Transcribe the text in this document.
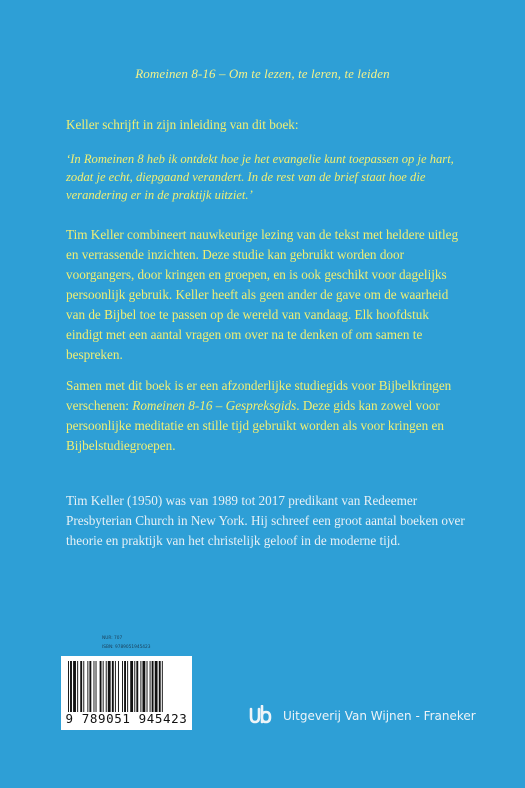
Romeinen 8-16 – Om te lezen, te leren, te leiden
Keller schrijft in zijn inleiding van dit boek:
‘In Romeinen 8 heb ik ontdekt hoe je het evangelie kunt toepassen op je hart, zodat je echt, diepgaand verandert. In de rest van de brief staat hoe die verandering er in de praktijk uitziet.’
Tim Keller combineert nauwkeurige lezing van de tekst met heldere uitleg en verrassende inzichten. Deze studie kan gebruikt worden door voorgangers, door kringen en groepen, en is ook geschikt voor dagelijks persoonlijk gebruik. Keller heeft als geen ander de gave om de waarheid van de Bijbel toe te passen op de wereld van vandaag. Elk hoofdstuk eindigt met een aantal vragen om over na te denken of om samen te bespreken.
Samen met dit boek is er een afzonderlijke studiegids voor Bijbelkringen verschenen: Romeinen 8-16 – Gespreksgids. Deze gids kan zowel voor persoonlijke meditatie en stille tijd gebruikt worden als voor kringen en Bijbelstudiegroepen.
Tim Keller (1950) was van 1989 tot 2017 predikant van Redeemer Presbyterian Church in New York. Hij schreef een groot aantal boeken over theorie en praktijk van het christelijk geloof in de moderne tijd.
NUR: 707
ISBN: 9789051945423
9 789051 945423	Uitgeverij Van Wijnen - Franeker
